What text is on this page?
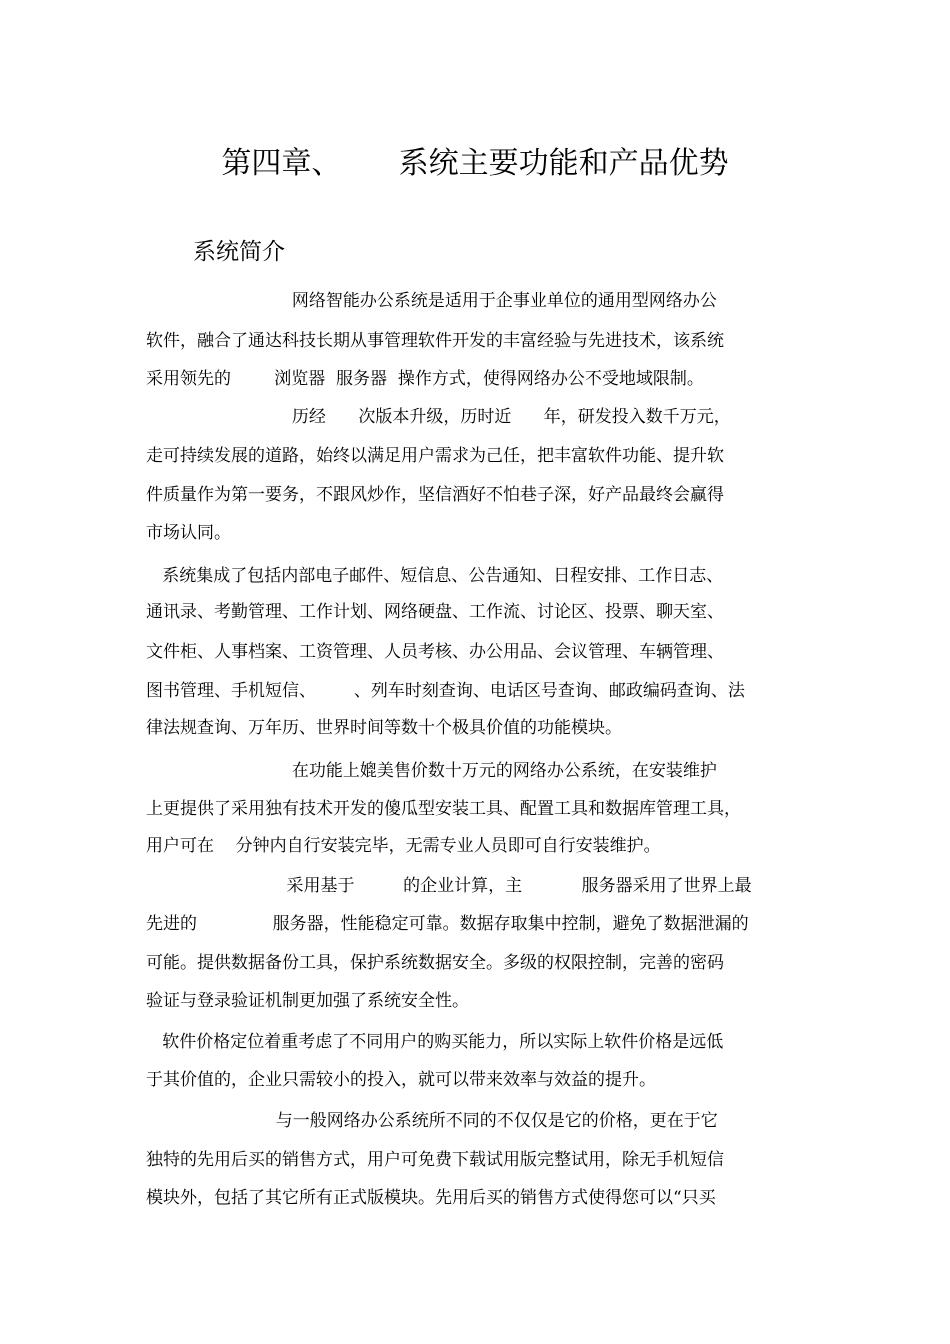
第四章、      系统主要功能和产品优势
系统简介
网络智能办公系统是适用于企事业单位的通用型网络办公
软件，融合了通达科技长期从事管理软件开发的丰富经验与先进技术，该系统
采用领先的        浏览器  服务器  操作方式，使得网络办公不受地域限制。
历经      次版本升级，历时近      年，研发投入数千万元，
走可持续发展的道路，始终以满足用户需求为己任，把丰富软件功能、提升软
件质量作为第一要务，不跟风炒作，坚信酒好不怕巷子深，好产品最终会赢得
市场认同。
系统集成了包括内部电子邮件、短信息、公告通知、日程安排、工作日志、
通讯录、考勤管理、工作计划、网络硬盘、工作流、讨论区、投票、聊天室、
文件柜、人事档案、工资管理、人员考核、办公用品、会议管理、车辆管理、
图书管理、手机短信、       、列车时刻查询、电话区号查询、邮政编码查询、法
律法规查询、万年历、世界时间等数十个极具价值的功能模块。
在功能上媲美售价数十万元的网络办公系统，在安装维护
上更提供了采用独有技术开发的傻瓜型安装工具、配置工具和数据库管理工具，
用户可在    分钟内自行安装完毕，无需专业人员即可自行安装维护。
采用基于         的企业计算，主           服务器采用了世界上最
先进的              服务器，性能稳定可靠。数据存取集中控制，避免了数据泄漏的
可能。提供数据备份工具，保护系统数据安全。多级的权限控制，完善的密码
验证与登录验证机制更加强了系统安全性。
软件价格定位着重考虑了不同用户的购买能力，所以实际上软件价格是远低
于其价值的，企业只需较小的投入，就可以带来效率与效益的提升。
与一般网络办公系统所不同的不仅仅是它的价格，更在于它
独特的先用后买的销售方式，用户可免费下载试用版完整试用，除无手机短信
模块外，包括了其它所有正式版模块。先用后买的销售方式使得您可以“只买
